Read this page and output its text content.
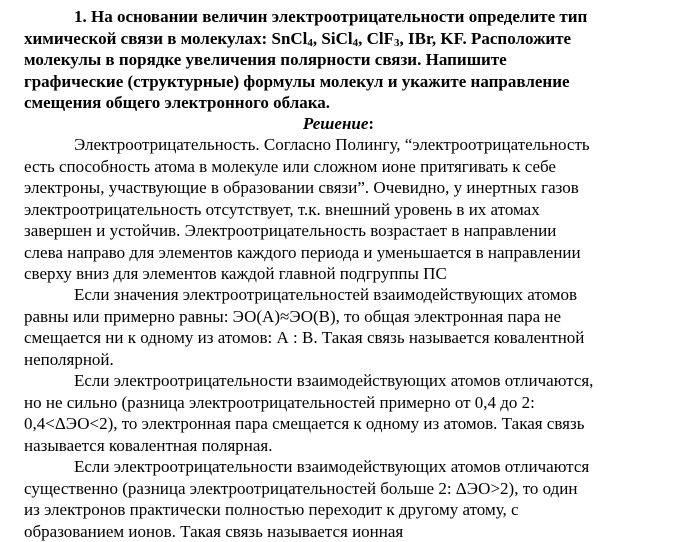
1. На основании величин электроотрицательности определите тип
химической связи в молекулах: SnCl$_4$, SiCl$_4$, ClF$_3$, IBr, KF. Расположите
молекулы в порядке увеличения полярности связи. Напишите
графические (структурные) формулы молекул и укажите направление
смещения общего электронного облака.
Решение:
Электроотрицательность. Согласно Полингу, “электроотрицательность
есть способность атома в молекуле или сложном ионе притягивать к себе
электроны, участвующие в образовании связи”. Очевидно, у инертных газов
электроотрицательность отсутствует, т.к. внешний уровень в их атомах
завершен и устойчив. Электроотрицательность возрастает в направлении
слева направо для элементов каждого периода и уменьшается в направлении
сверху вниз для элементов каждой главной подгруппы ПС
Если значения электроотрицательностей взаимодействующих атомов
равны или примерно равны: ЭО(А)≈ЭО(В), то общая электронная пара не
смещается ни к одному из атомов: А : В. Такая связь называется ковалентной
неполярной.
Если электроотрицательности взаимодействующих атомов отличаются,
но не сильно (разница электроотрицательностей примерно от 0,4 до 2:
0,4<ΔЭО<2), то электронная пара смещается к одному из атомов. Такая связь
называется ковалентная полярная.
Если электроотрицательности взаимодействующих атомов отличаются
существенно (разница электроотрицательностей больше 2: ΔЭО>2), то один
из электронов практически полностью переходит к другому атому, с
образованием ионов. Такая связь называется ионная
